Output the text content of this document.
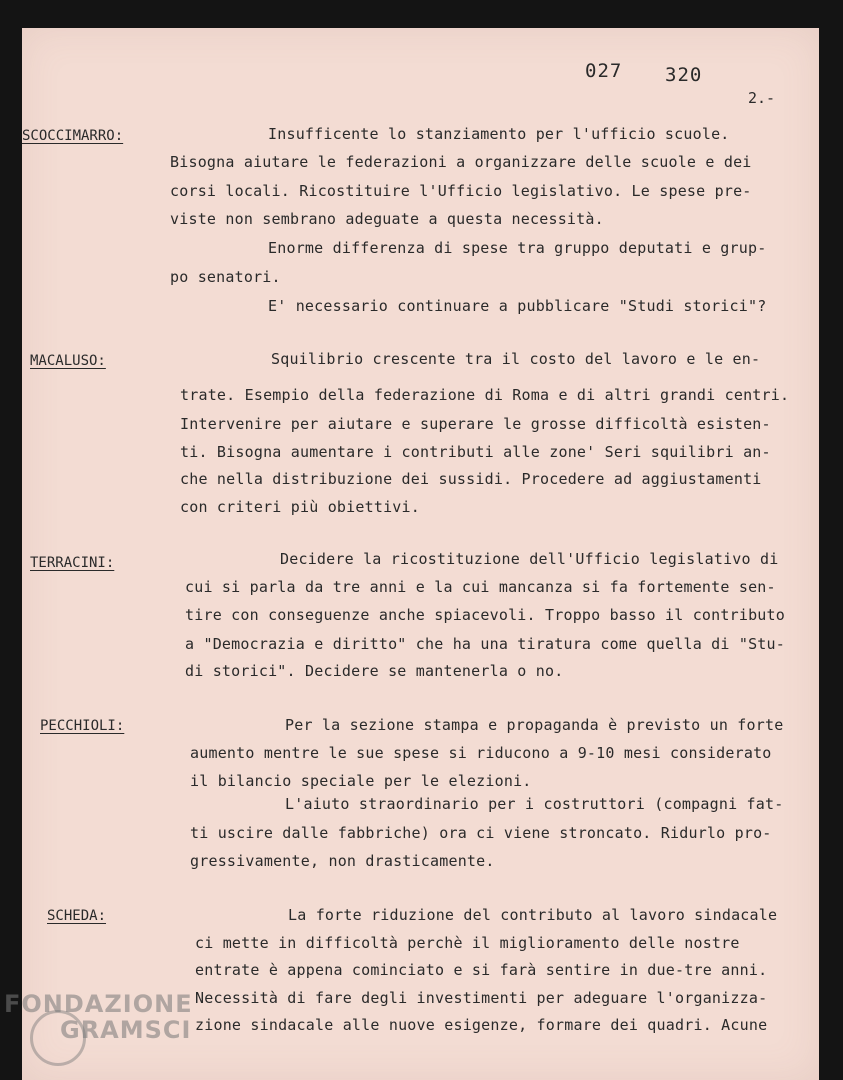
027 320
2.-
SCOCCIMARRO:	Insufficente lo stanziamento per l'ufficio scuole.
Bisogna aiutare le federazioni a organizzare delle scuole e dei
corsi locali. Ricostituire l'Ufficio legislativo. Le spese pre-
viste non sembrano adeguate a questa necessità.
Enorme differenza di spese tra gruppo deputati e grup-
po senatori.
E' necessario continuare a pubblicare "Studi storici"?
MACALUSO:	Squilibrio crescente tra il costo del lavoro e le en-
trate. Esempio della federazione di Roma e di altri grandi centri.
Intervenire per aiutare e superare le grosse difficoltà esisten-
ti. Bisogna aumentare i contributi alle zone' Seri squilibri an-
che nella distribuzione dei sussidi. Procedere ad aggiustamenti
con criteri più obiettivi.
TERRACINI:	Decidere la ricostituzione dell'Ufficio legislativo di
cui si parla da tre anni e la cui mancanza si fa fortemente sen-
tire con conseguenze anche spiacevoli. Troppo basso il contributo
a "Democrazia e diritto" che ha una tiratura come quella di "Stu-
di storici". Decidere se mantenerla o no.
PECCHIOLI:	Per la sezione stampa e propaganda è previsto un forte
aumento mentre le sue spese si riducono a 9-10 mesi considerato
il bilancio speciale per le elezioni.
L'aiuto straordinario per i costruttori (compagni fat-
ti uscire dalle fabbriche) ora ci viene stroncato. Ridurlo pro-
gressivamente, non drasticamente.
SCHEDA:	La forte riduzione del contributo al lavoro sindacale
ci mette in difficoltà perchè il miglioramento delle nostre
entrate è appena cominciato e si farà sentire in due-tre anni.
Necessità di fare degli investimenti per adeguare l'organizza-
zione sindacale alle nuove esigenze, formare dei quadri. Acune
FONDAZIONE
GRAMSCI
